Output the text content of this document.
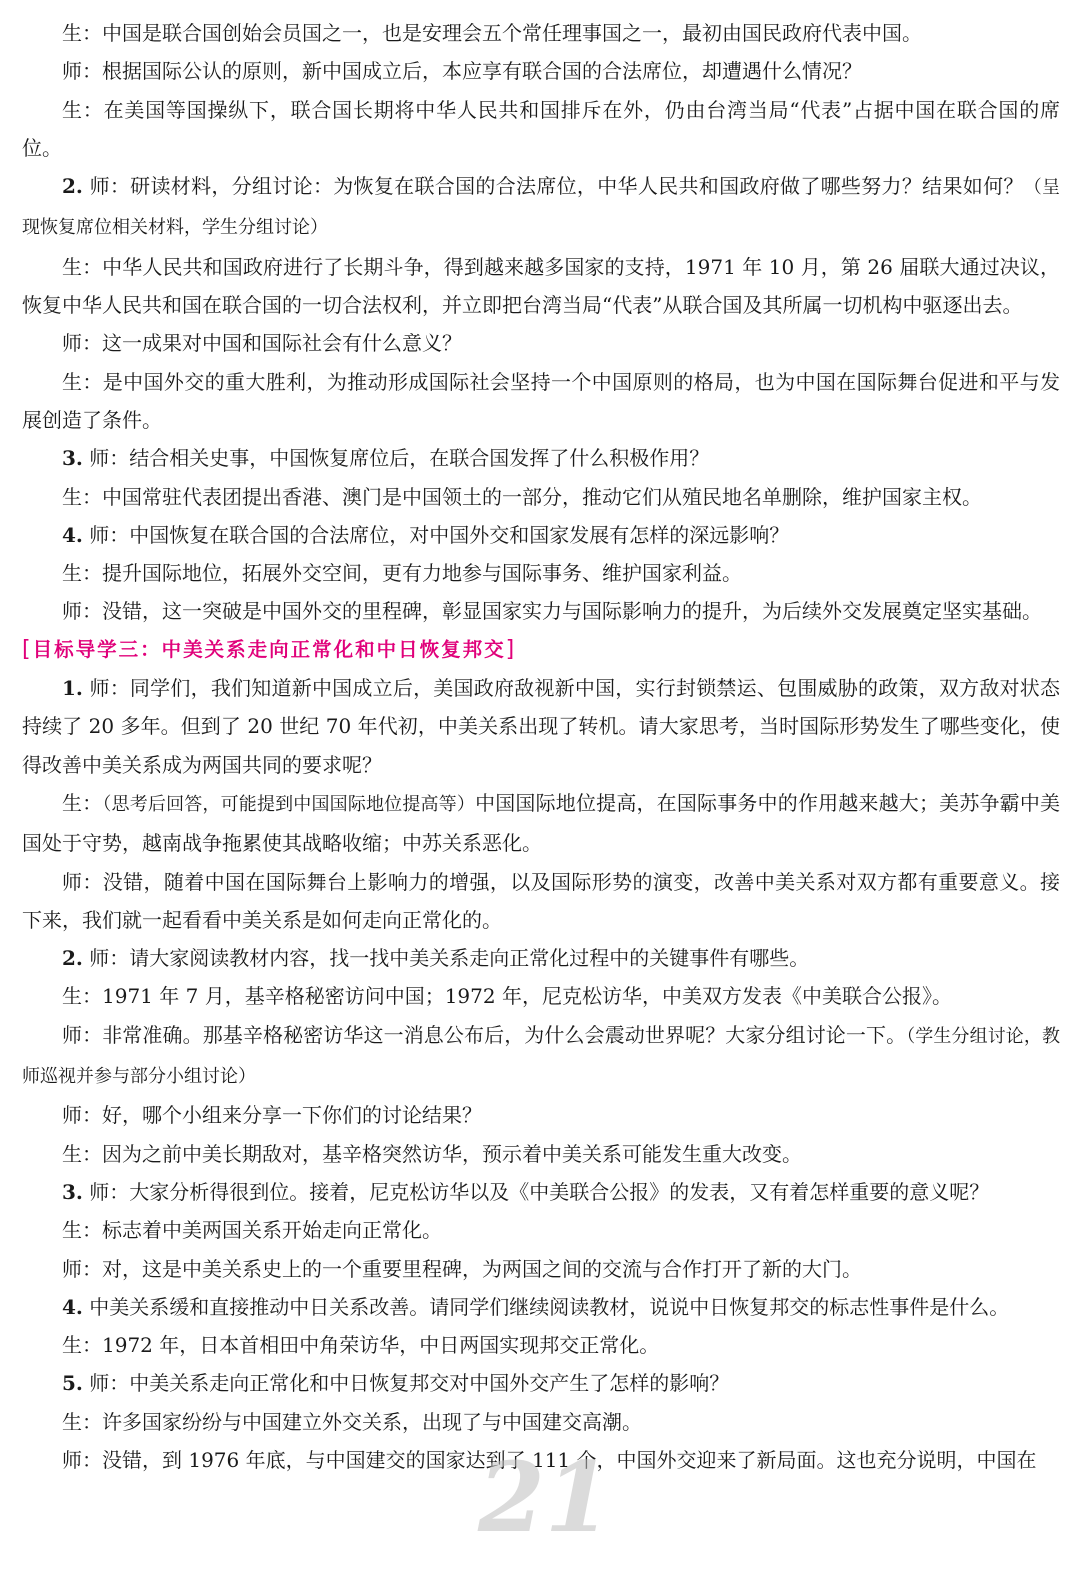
生：中国是联合国创始会员国之一，也是安理会五个常任理事国之一，最初由国民政府代表中国。

师：根据国际公认的原则，新中国成立后，本应享有联合国的合法席位，却遭遇什么情况？

生：在美国等国操纵下，联合国长期将中华人民共和国排斥在外，仍由台湾当局“代表”占据中国在联合国的席位。

2. 师：研读材料，分组讨论：为恢复在联合国的合法席位，中华人民共和国政府做了哪些努力？结果如何？（呈现恢复席位相关材料，学生分组讨论）

生：中华人民共和国政府进行了长期斗争，得到越来越多国家的支持，1971 年 10 月，第 26 届联大通过决议，恢复中华人民共和国在联合国的一切合法权利，并立即把台湾当局“代表”从联合国及其所属一切机构中驱逐出去。

师：这一成果对中国和国际社会有什么意义？

生：是中国外交的重大胜利，为推动形成国际社会坚持一个中国原则的格局，也为中国在国际舞台促进和平与发展创造了条件。

3. 师：结合相关史事，中国恢复席位后，在联合国发挥了什么积极作用？

生：中国常驻代表团提出香港、澳门是中国领土的一部分，推动它们从殖民地名单删除，维护国家主权。

4. 师：中国恢复在联合国的合法席位，对中国外交和国家发展有怎样的深远影响？

生：提升国际地位，拓展外交空间，更有力地参与国际事务、维护国家利益。

师：没错，这一突破是中国外交的里程碑，彰显国家实力与国际影响力的提升，为后续外交发展奠定坚实基础。

[目标导学三：中美关系走向正常化和中日恢复邦交]

1. 师：同学们，我们知道新中国成立后，美国政府敌视新中国，实行封锁禁运、包围威胁的政策，双方敌对状态持续了 20 多年。但到了 20 世纪 70 年代初，中美关系出现了转机。请大家思考，当时国际形势发生了哪些变化，使得改善中美关系成为两国共同的要求呢？

生：（思考后回答，可能提到中国国际地位提高等）中国国际地位提高，在国际事务中的作用越来越大；美苏争霸中美国处于守势，越南战争拖累使其战略收缩；中苏关系恶化。

师：没错，随着中国在国际舞台上影响力的增强，以及国际形势的演变，改善中美关系对双方都有重要意义。接下来，我们就一起看看中美关系是如何走向正常化的。

2. 师：请大家阅读教材内容，找一找中美关系走向正常化过程中的关键事件有哪些。

生：1971 年 7 月，基辛格秘密访问中国；1972 年，尼克松访华，中美双方发表《中美联合公报》。

师：非常准确。那基辛格秘密访华这一消息公布后，为什么会震动世界呢？大家分组讨论一下。（学生分组讨论，教师巡视并参与部分小组讨论）

师：好，哪个小组来分享一下你们的讨论结果？

生：因为之前中美长期敌对，基辛格突然访华，预示着中美关系可能发生重大改变。

3. 师：大家分析得很到位。接着，尼克松访华以及《中美联合公报》的发表，又有着怎样重要的意义呢？

生：标志着中美两国关系开始走向正常化。

师：对，这是中美关系史上的一个重要里程碑，为两国之间的交流与合作打开了新的大门。

4. 中美关系缓和直接推动中日关系改善。请同学们继续阅读教材，说说中日恢复邦交的标志性事件是什么。

生：1972 年，日本首相田中角荣访华，中日两国实现邦交正常化。

5. 师：中美关系走向正常化和中日恢复邦交对中国外交产生了怎样的影响？

生：许多国家纷纷与中国建立外交关系，出现了与中国建交高潮。

师：没错，到 1976 年底，与中国建交的国家达到了 111 个，中国外交迎来了新局面。这也充分说明，中国在

21
